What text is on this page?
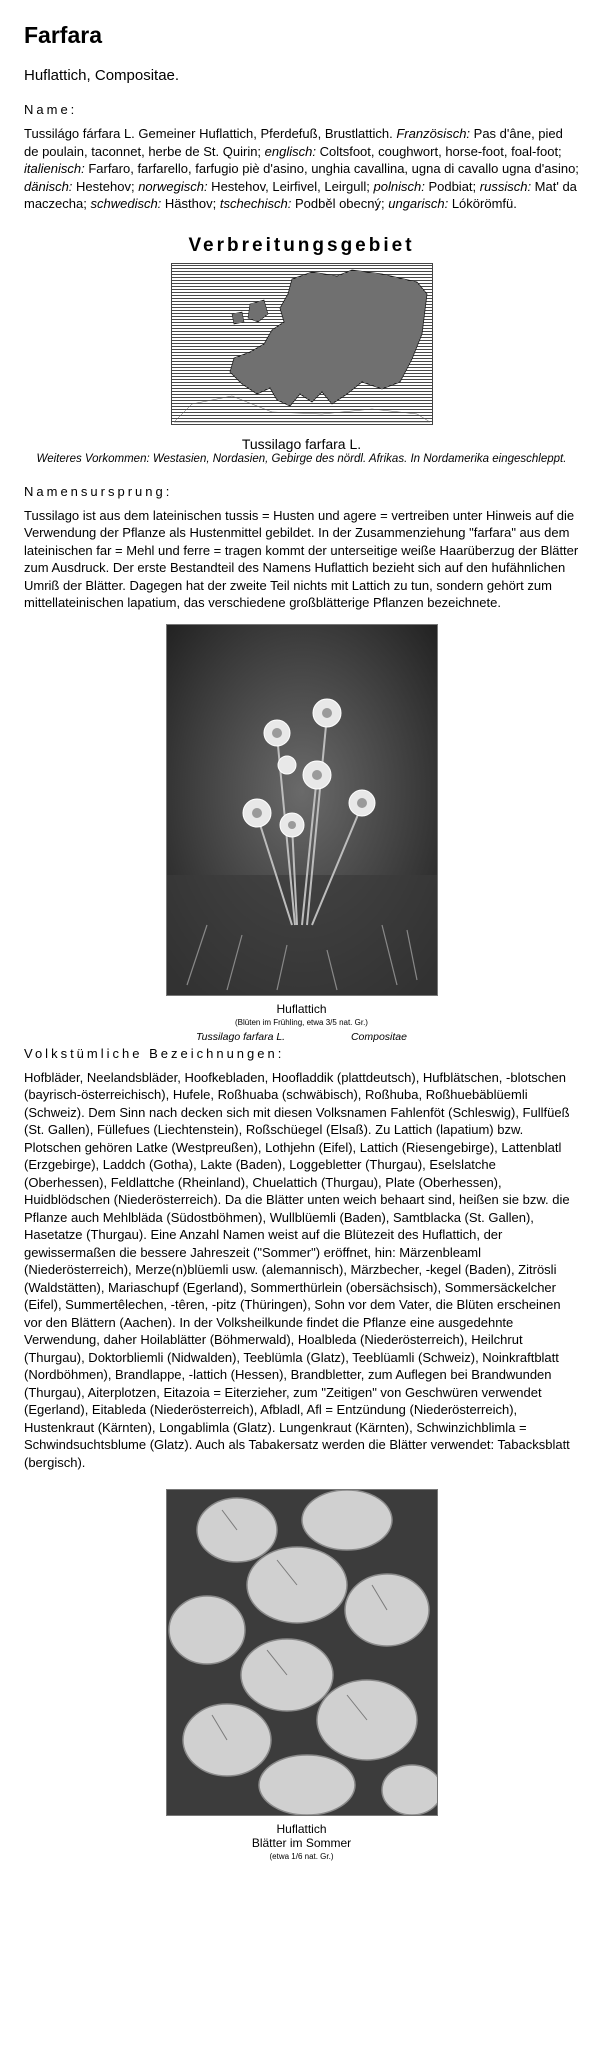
Farfara
Huflattich, Compositae.
Name:

Tussilágo fárfara L. Gemeiner Huflattich, Pferdefuß, Brustlattich. Französisch: Pas d'âne, pied de poulain, taconnet, herbe de St. Quirin; englisch: Coltsfoot, coughwort, horse-foot, foal-foot; italienisch: Farfaro, farfarello, farfugio piè d'asino, unghia cavallina, ugna di cavallo ugna d'asino; dänisch: Hestehov; norwegisch: Hestehov, Leirfivel, Leirgull; polnisch: Podbiat; russisch: Mat' da maczecha; schwedisch: Hästhov; tschechisch: Podběl obecný; ungarisch: Lókörömfü.

Verbreitungsgebiet
Tussilago farfara L.
Weiteres Vorkommen: Westasien, Nordasien, Gebirge des nördl. Afrikas. In Nordamerika eingeschleppt.
Namensursprung:

Tussilago ist aus dem lateinischen tussis = Husten und agere = vertreiben unter Hinweis auf die Verwendung der Pflanze als Hustenmittel gebildet. In der Zusammenziehung "farfara" aus dem lateinischen far = Mehl und ferre = tragen kommt der unterseitige weiße Haarüberzug der Blätter zum Ausdruck. Der erste Bestandteil des Namens Huflattich bezieht sich auf den hufähnlichen Umriß der Blätter. Dagegen hat der zweite Teil nichts mit Lattich zu tun, sondern gehört zum mittellateinischen lapatium, das verschiedene großblätterige Pflanzen bezeichnete.

Huflattich
(Blüten im Frühling, etwa 3/5 nat. Gr.)
Tussilago farfara L.	Compositae
Volkstümliche Bezeichnungen:

Hofbläder, Neelandsbläder, Hoofkebladen, Hoofladdik (plattdeutsch), Hufblätschen, -blotschen (bayrisch-österreichisch), Hufele, Roßhuaba (schwäbisch), Roßhuba, Roßhuebäblüemli (Schweiz). Dem Sinn nach decken sich mit diesen Volksnamen Fahlenföt (Schleswig), Fullfüeß (St. Gallen), Füllefues (Liechtenstein), Roßschüegel (Elsaß). Zu Lattich (lapatium) bzw. Plotschen gehören Latke (Westpreußen), Lothjehn (Eifel), Lattich (Riesengebirge), Lattenblatl (Erzgebirge), Laddch (Gotha), Lakte (Baden), Loggebletter (Thurgau), Eselslatche (Oberhessen), Feldlattche (Rheinland), Chuelattich (Thurgau), Plate (Oberhessen), Huidblödschen (Niederösterreich). Da die Blätter unten weich behaart sind, heißen sie bzw. die Pflanze auch Mehlbläda (Südostböhmen), Wullblüemli (Baden), Samtblacka (St. Gallen), Hasetatze (Thurgau). Eine Anzahl Namen weist auf die Blütezeit des Huflattich, der gewissermaßen die bessere Jahreszeit ("Sommer") eröffnet, hin: Märzenbleaml (Niederösterreich), Merze(n)blüemli usw. (alemannisch), Märzbecher, -kegel (Baden), Zitrösli (Waldstätten), Mariaschupf (Egerland), Sommerthürlein (obersächsisch), Sommersäckelcher (Eifel), Summertêlechen, -têren, -pitz (Thüringen), Sohn vor dem Vater, die Blüten erscheinen vor den Blättern (Aachen). In der Volksheilkunde findet die Pflanze eine ausgedehnte Verwendung, daher Hoilablätter (Böhmerwald), Hoalbleda (Niederösterreich), Heilchrut (Thurgau), Doktorbliemli (Nidwalden), Teeblümla (Glatz), Teeblüamli (Schweiz), Noinkraftblatt (Nordböhmen), Brandlappe, -lattich (Hessen), Brandbletter, zum Auflegen bei Brandwunden (Thurgau), Aiterplotzen, Eitazoia = Eiterzieher, zum "Zeitigen" von Geschwüren verwendet (Egerland), Eitableda (Niederösterreich), Afbladl, Afl = Entzündung (Niederösterreich), Hustenkraut (Kärnten), Longablimla (Glatz). Lungenkraut (Kärnten), Schwinzichblimla = Schwindsuchtsblume (Glatz). Auch als Tabakersatz werden die Blätter verwendet: Tabacksblatt (bergisch).

Huflattich
Blätter im Sommer
(etwa 1/6 nat. Gr.)
